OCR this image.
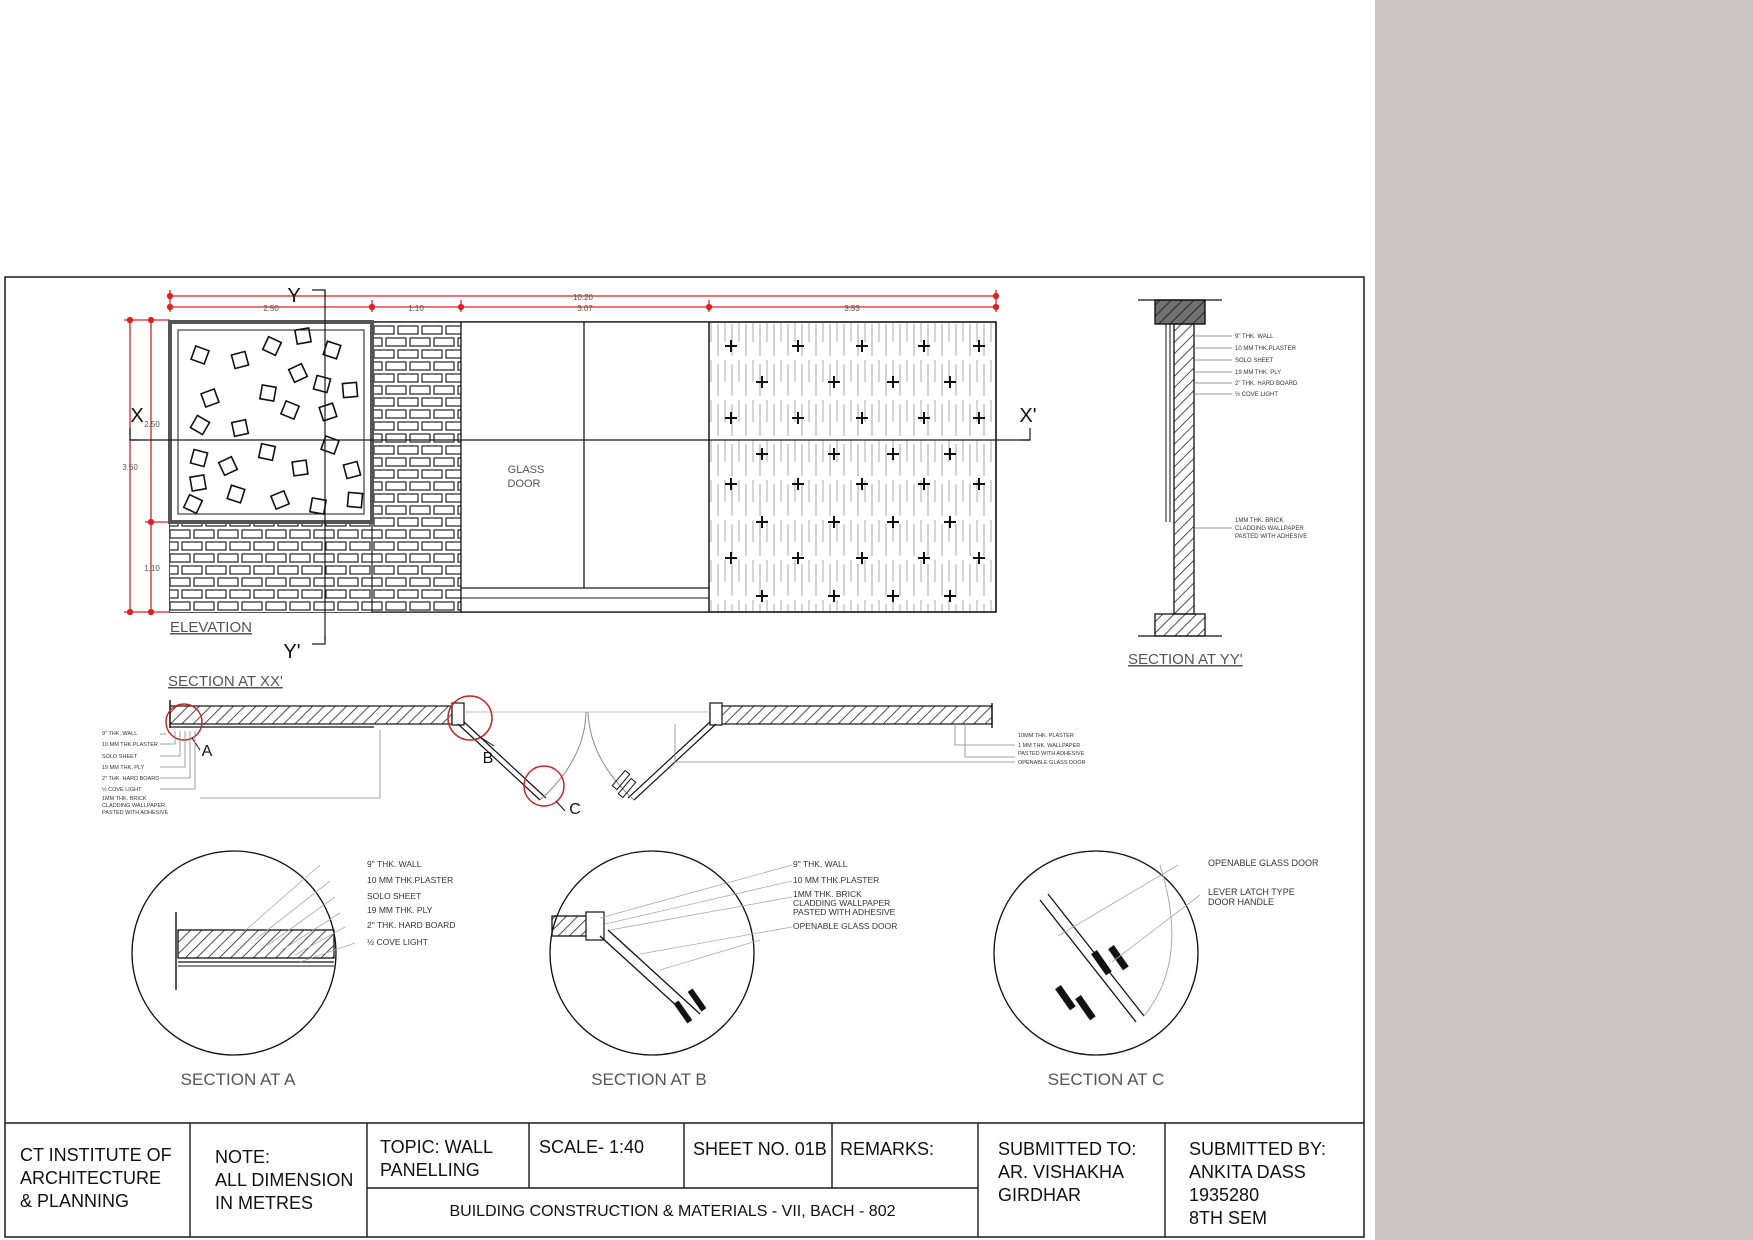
10.20
2.50	1.10	3.07	3.53
2.50
3.60
1.10
GLASS
DOOR
Y
Y'
X	X'
ELEVATION
9" THK. WALL
10 MM THK.PLASTER
SOLO SHEET
19 MM THK. PLY
2" THK. HARD BOARD
½ COVE LIGHT
1MM THK. BRICK
CLADDING WALLPAPER
PASTED WITH ADHESIVE
SECTION AT YY'
SECTION AT XX'
A	B
C
9" THK. WALL
10 MM THK.PLASTER
SOLO SHEET
19 MM THK. PLY
2" THK. HARD BOARD
½ COVE LIGHT
1MM THK. BRICK
CLADDING WALLPAPER
PASTED WITH ADHESIVE
10MM THK. PLASTER
1 MM THK. WALLPAPER
PASTED WITH ADHESIVE
OPENABLE GLASS DOOR
9" THK. WALL
10 MM THK.PLASTER
SOLO SHEET
19 MM THK. PLY
2" THK. HARD BOARD
½ COVE LIGHT
SECTION AT A
9" THK. WALL
10 MM THK.PLASTER
1MM THK. BRICK
CLADDING WALLPAPER
PASTED WITH ADHESIVE
OPENABLE GLASS DOOR
SECTION AT B
OPENABLE GLASS DOOR
LEVER LATCH TYPE
DOOR HANDLE
SECTION AT C
CT INSTITUTE OF
ARCHITECTURE
& PLANNING
NOTE:
ALL DIMENSION
IN METRES
TOPIC: WALL
PANELLING
SCALE- 1:40	SHEET NO. 01B REMARKS:
BUILDING CONSTRUCTION & MATERIALS - VII, BACH - 802
SUBMITTED TO:
AR. VISHAKHA
GIRDHAR
SUBMITTED BY:
ANKITA DASS
1935280
8TH SEM
